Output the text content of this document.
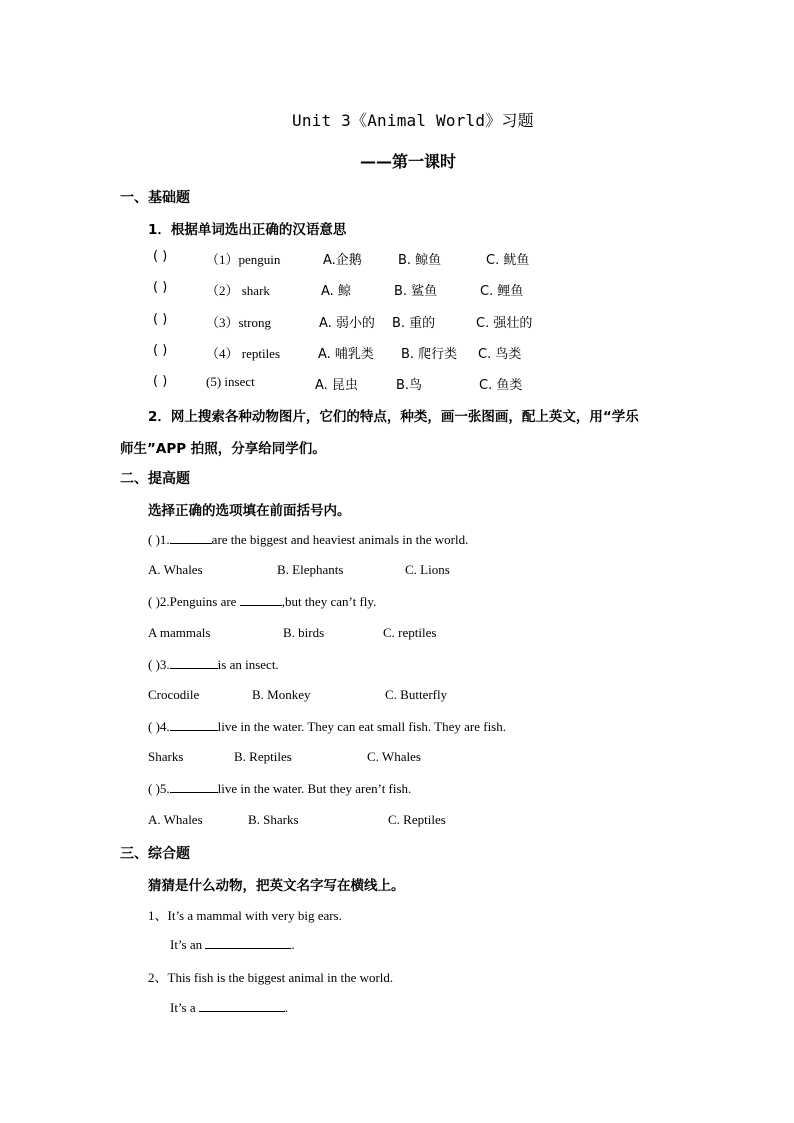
Unit 3《Animal World》习题
——第一课时
一、基础题
1．根据单词选出正确的汉语意思
( )	（1）penguin	A.企鹅	B. 鲸鱼	C. 鱿鱼
( )	（2） shark	A. 鲸	B. 鲨鱼	C. 鲤鱼
( )	（3）strong	A. 弱小的 B. 重的	C. 强壮的
( )	（4） reptiles	A. 哺乳类 B. 爬行类 C. 鸟类
( )	(5) insect	A. 昆虫	B.鸟	C. 鱼类
2．网上搜索各种动物图片，它们的特点，种类，画一张图画，配上英文，用“学乐
师生”APP 拍照，分享给同学们。
二、提高题
选择正确的选项填在前面括号内。
( )1.	are the biggest and heaviest animals in the world.
A. Whales	B. Elephants	C. Lions
( )2.Penguins are	,but they can’t fly.
A mammals	B. birds	C. reptiles
( )3.	is an insect.
Crocodile	B. Monkey	C. Butterfly
( )4.	live in the water. They can eat small fish. They are fish.
Sharks	B. Reptiles	C. Whales
( )5.	live in the water. But they aren’t fish.
A. Whales	B. Sharks	C. Reptiles
三、综合题
猜猜是什么动物，把英文名字写在横线上。
1、It’s a mammal with very big ears.
It’s an	.
2、This fish is the biggest animal in the world.
It’s a	.
